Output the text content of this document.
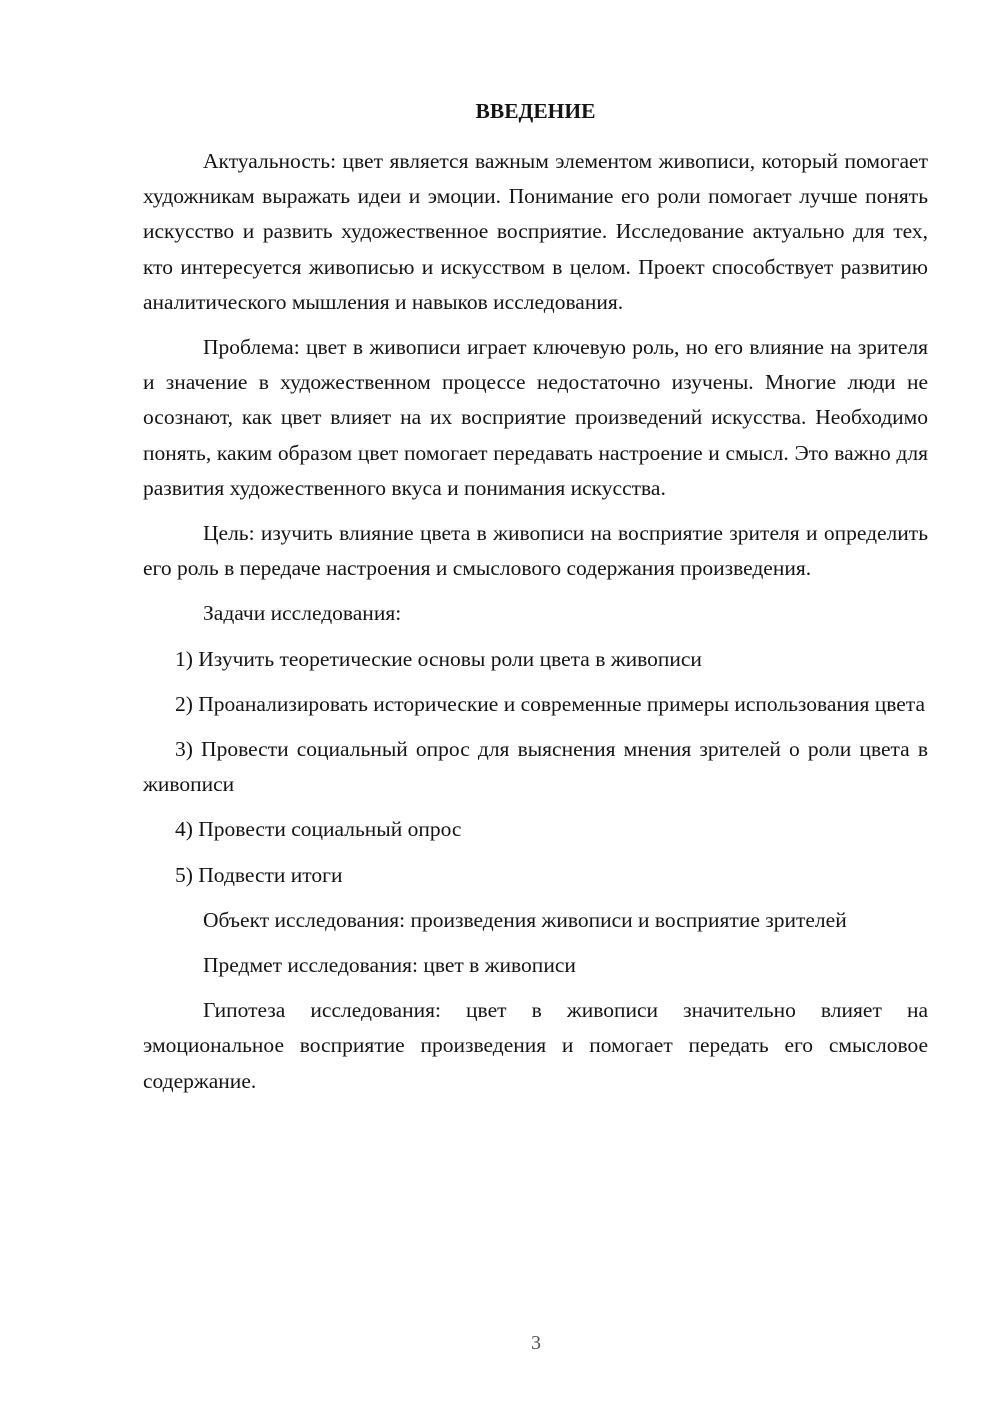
ВВЕДЕНИЕ

Актуальность: цвет является важным элементом живописи, который помогает художникам выражать идеи и эмоции. Понимание его роли помогает лучше понять искусство и развить художественное восприятие. Исследование актуально для тех, кто интересуется живописью и искусством в целом. Проект способствует развитию аналитического мышления и навыков исследования.

Проблема: цвет в живописи играет ключевую роль, но его влияние на зрителя и значение в художественном процессе недостаточно изучены. Многие люди не осознают, как цвет влияет на их восприятие произведений искусства. Необходимо понять, каким образом цвет помогает передавать настроение и смысл. Это важно для развития художественного вкуса и понимания искусства.

Цель: изучить влияние цвета в живописи на восприятие зрителя и определить его роль в передаче настроения и смыслового содержания произведения.

Задачи исследования:

1) Изучить теоретические основы роли цвета в живописи

2) Проанализировать исторические и современные примеры использования цвета

3) Провести социальный опрос для выяснения мнения зрителей о роли цвета в живописи

4) Провести социальный опрос

5) Подвести итоги

Объект исследования: произведения живописи и восприятие зрителей

Предмет исследования: цвет в живописи

Гипотеза исследования: цвет в живописи значительно влияет на эмоциональное восприятие произведения и помогает передать его смысловое содержание.

3
